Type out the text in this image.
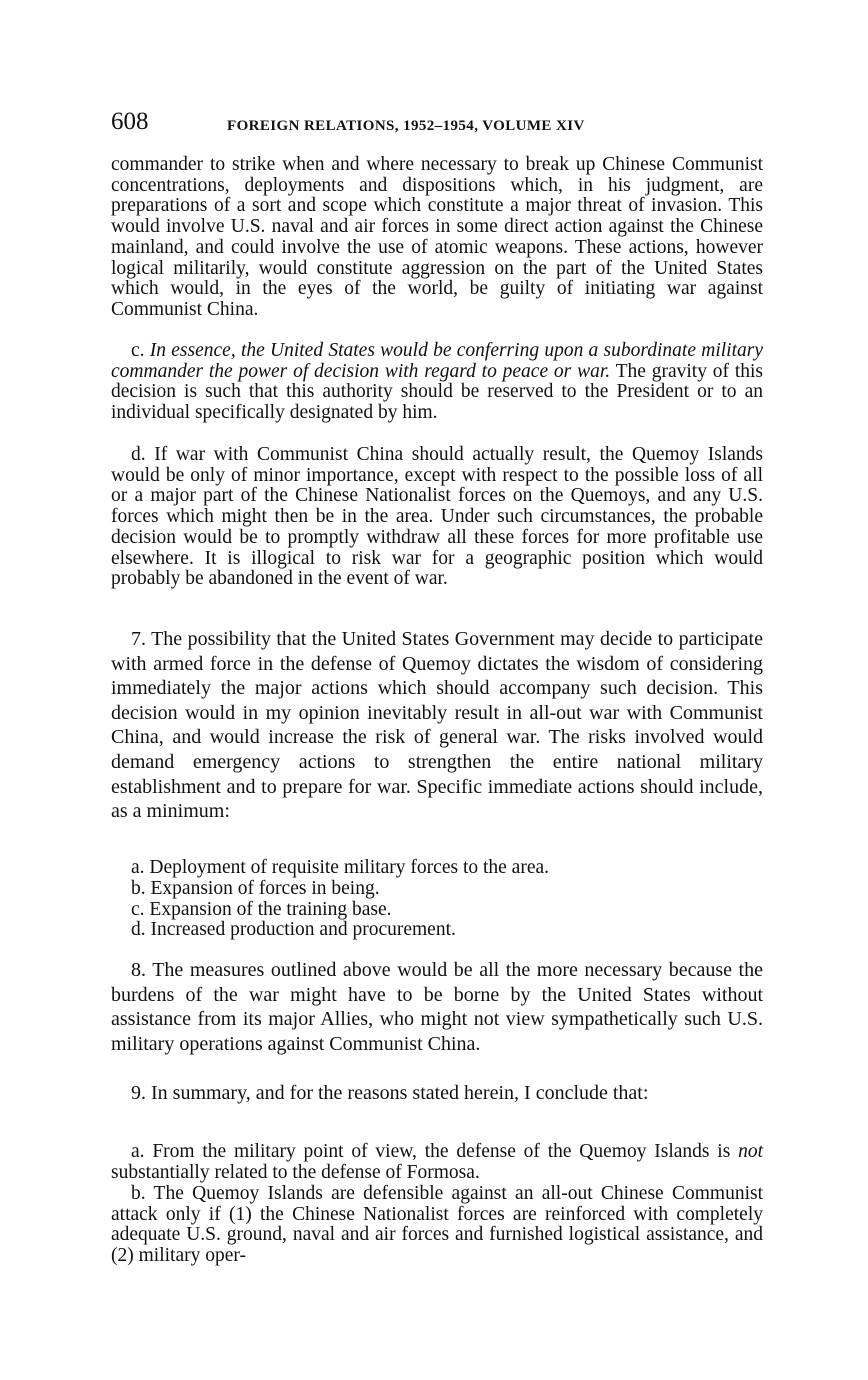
608	FOREIGN RELATIONS, 1952–1954, VOLUME XIV

commander to strike when and where necessary to break up Chinese Communist concentrations, deployments and dispositions which, in his judgment, are preparations of a sort and scope which constitute a major threat of invasion. This would involve U.S. naval and air forces in some direct action against the Chinese mainland, and could involve the use of atomic weapons. These actions, however logical militarily, would constitute aggression on the part of the United States which would, in the eyes of the world, be guilty of initiating war against Communist China.

c. In essence, the United States would be conferring upon a subordinate military commander the power of decision with regard to peace or war. The gravity of this decision is such that this authority should be reserved to the President or to an individual specifically designated by him.

d. If war with Communist China should actually result, the Quemoy Islands would be only of minor importance, except with respect to the possible loss of all or a major part of the Chinese Nationalist forces on the Quemoys, and any U.S. forces which might then be in the area. Under such circumstances, the probable decision would be to promptly withdraw all these forces for more profitable use elsewhere. It is illogical to risk war for a geographic position which would probably be abandoned in the event of war.

7. The possibility that the United States Government may decide to participate with armed force in the defense of Quemoy dictates the wisdom of considering immediately the major actions which should accompany such decision. This decision would in my opinion inevitably result in all-out war with Communist China, and would increase the risk of general war. The risks involved would demand emergency actions to strengthen the entire national military establishment and to prepare for war. Specific immediate actions should include, as a minimum:

a. Deployment of requisite military forces to the area.

b. Expansion of forces in being.

c. Expansion of the training base.

d. Increased production and procurement.

8. The measures outlined above would be all the more necessary because the burdens of the war might have to be borne by the United States without assistance from its major Allies, who might not view sympathetically such U.S. military operations against Communist China.

9. In summary, and for the reasons stated herein, I conclude that:

a. From the military point of view, the defense of the Quemoy Islands is not substantially related to the defense of Formosa.

b. The Quemoy Islands are defensible against an all-out Chinese Communist attack only if (1) the Chinese Nationalist forces are reinforced with completely adequate U.S. ground, naval and air forces and furnished logistical assistance, and (2) military oper-
